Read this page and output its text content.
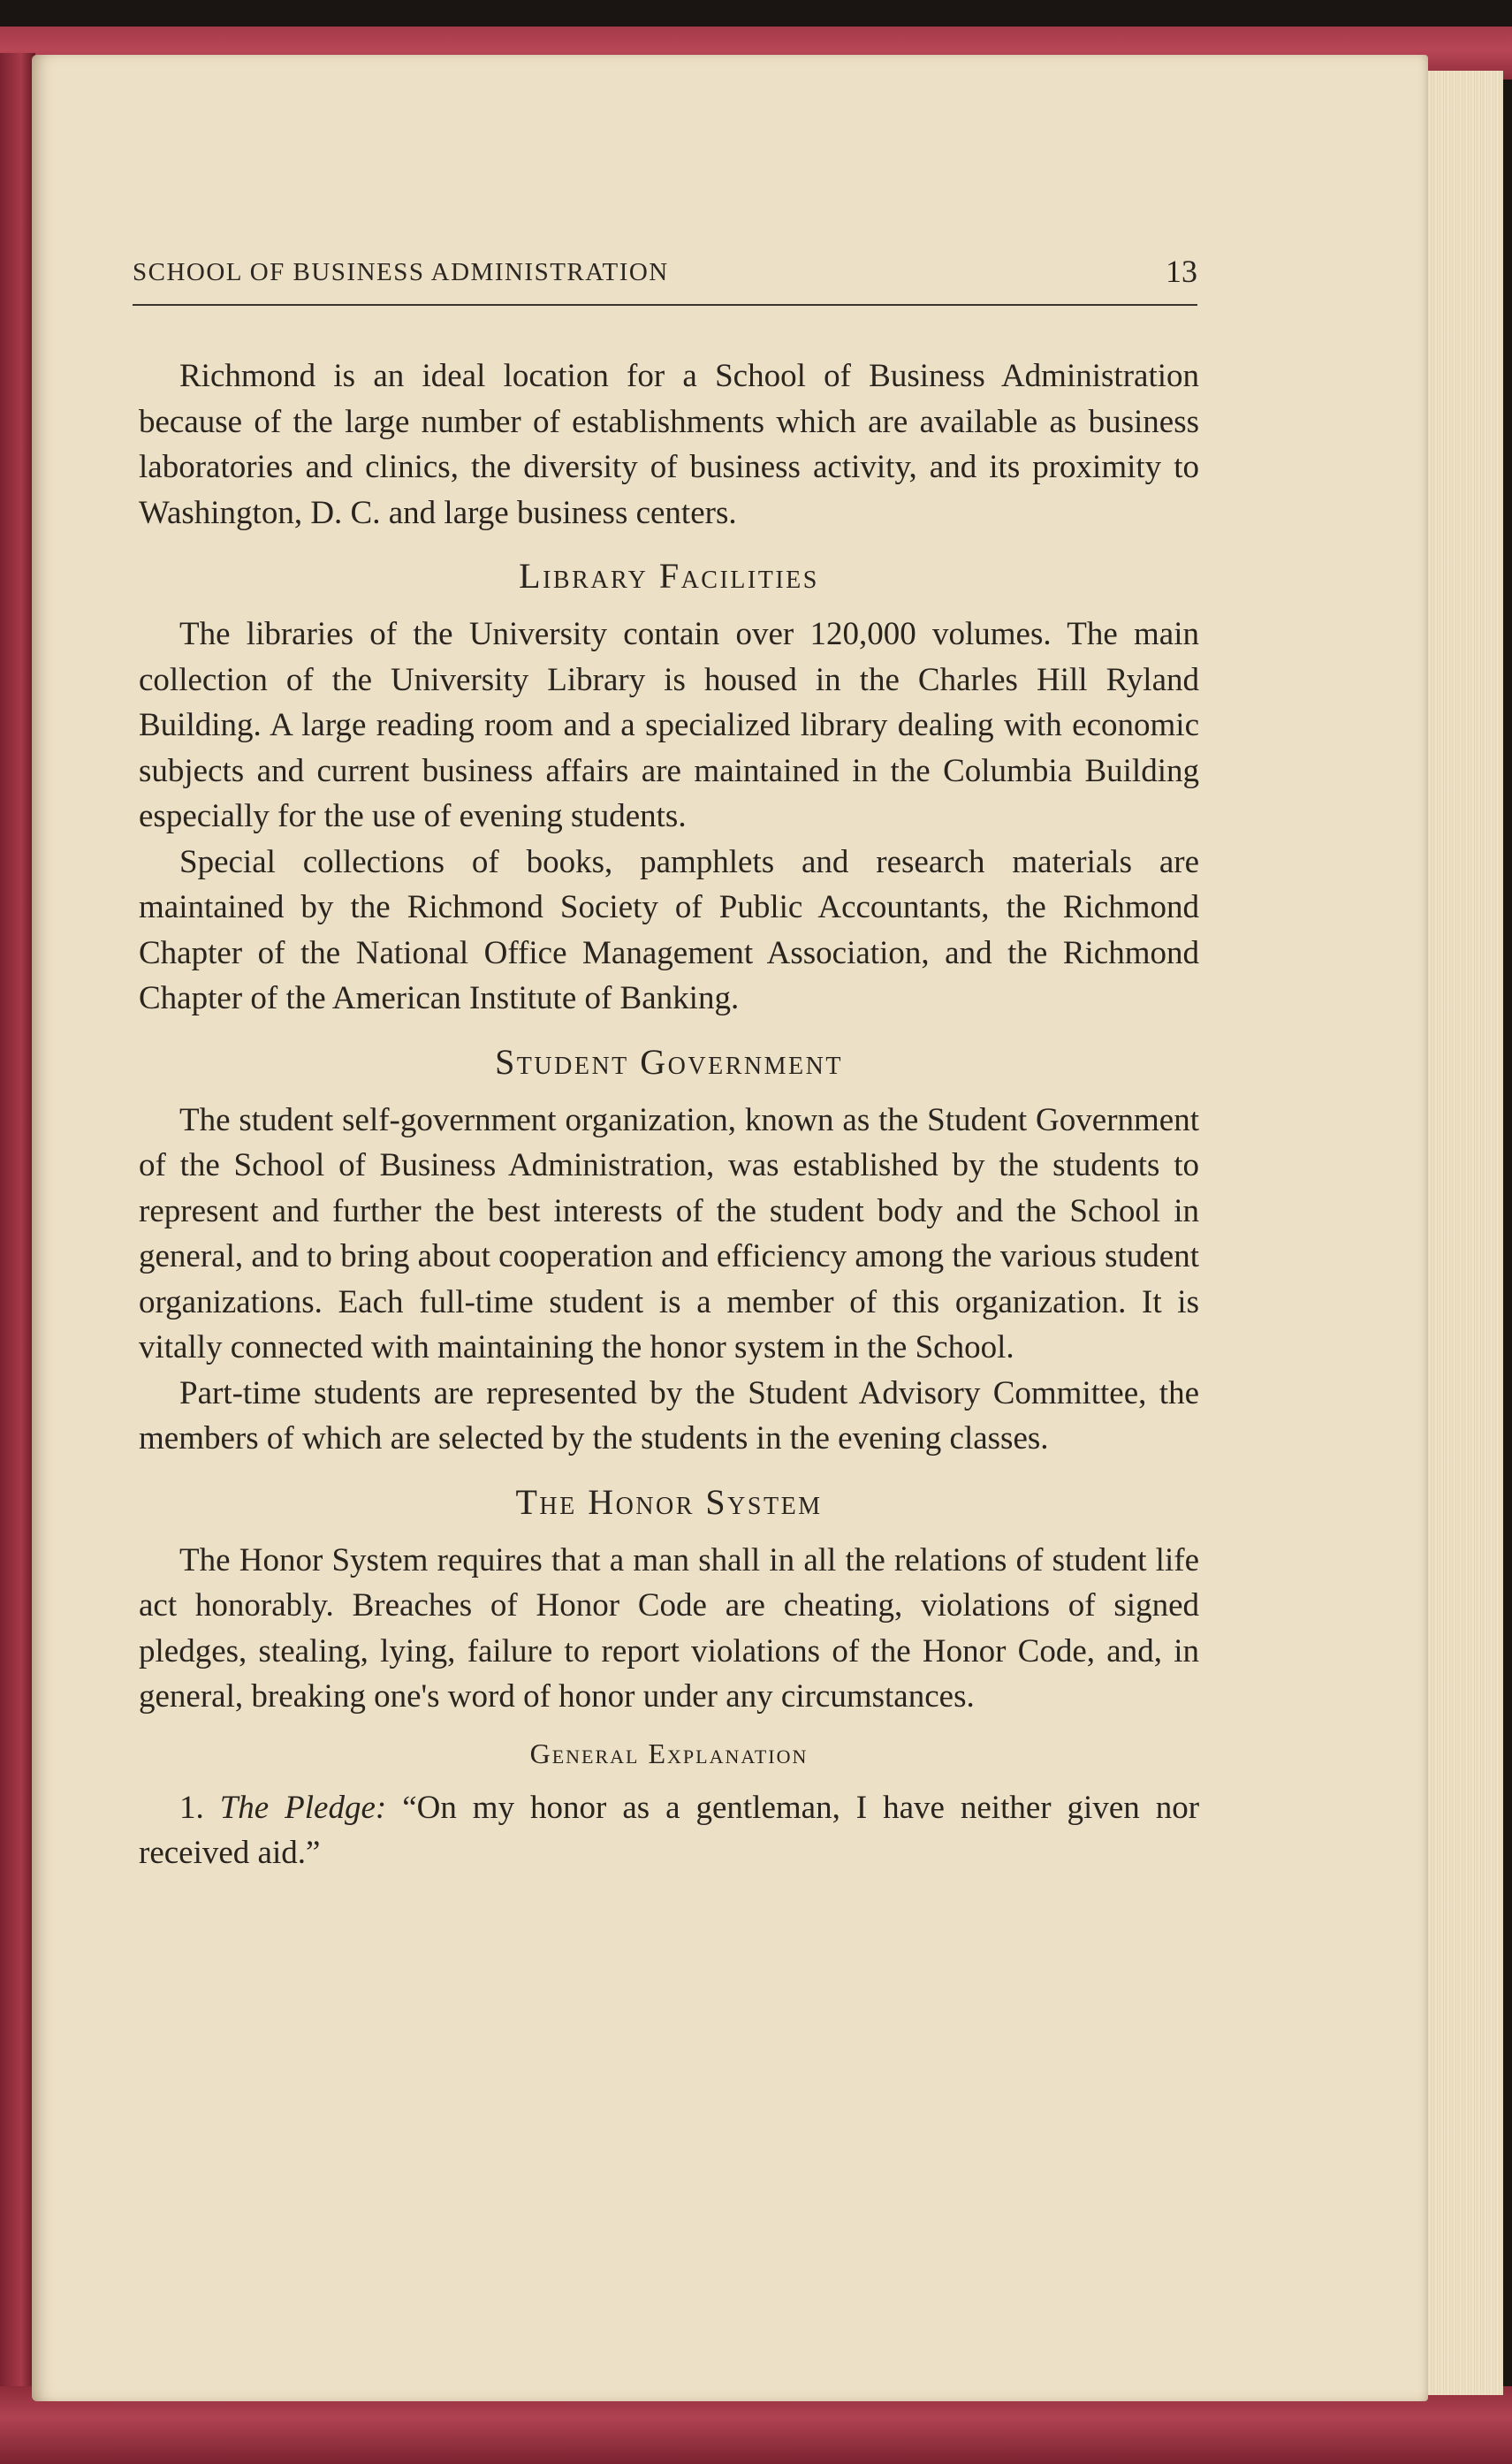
SCHOOL OF BUSINESS ADMINISTRATION	13

Richmond is an ideal location for a School of Business Administration because of the large number of establishments which are available as business laboratories and clinics, the diversity of business activity, and its proximity to Washington, D. C. and large business centers.

Library Facilities

The libraries of the University contain over 120,000 volumes. The main collection of the University Library is housed in the Charles Hill Ryland Building. A large reading room and a specialized library dealing with economic subjects and current business affairs are maintained in the Columbia Building especially for the use of evening students.

Special collections of books, pamphlets and research materials are maintained by the Richmond Society of Public Accountants, the Richmond Chapter of the National Office Management Association, and the Richmond Chapter of the American Institute of Banking.

Student Government

The student self-government organization, known as the Student Government of the School of Business Administration, was established by the students to represent and further the best interests of the student body and the School in general, and to bring about cooperation and efficiency among the various student organizations. Each full-time student is a member of this organization. It is vitally connected with maintaining the honor system in the School.

Part-time students are represented by the Student Advisory Committee, the members of which are selected by the students in the evening classes.

The Honor System

The Honor System requires that a man shall in all the relations of student life act honorably. Breaches of Honor Code are cheating, violations of signed pledges, stealing, lying, failure to report violations of the Honor Code, and, in general, breaking one's word of honor under any circumstances.

General Explanation

1. The Pledge: “On my honor as a gentleman, I have neither given nor received aid.”
